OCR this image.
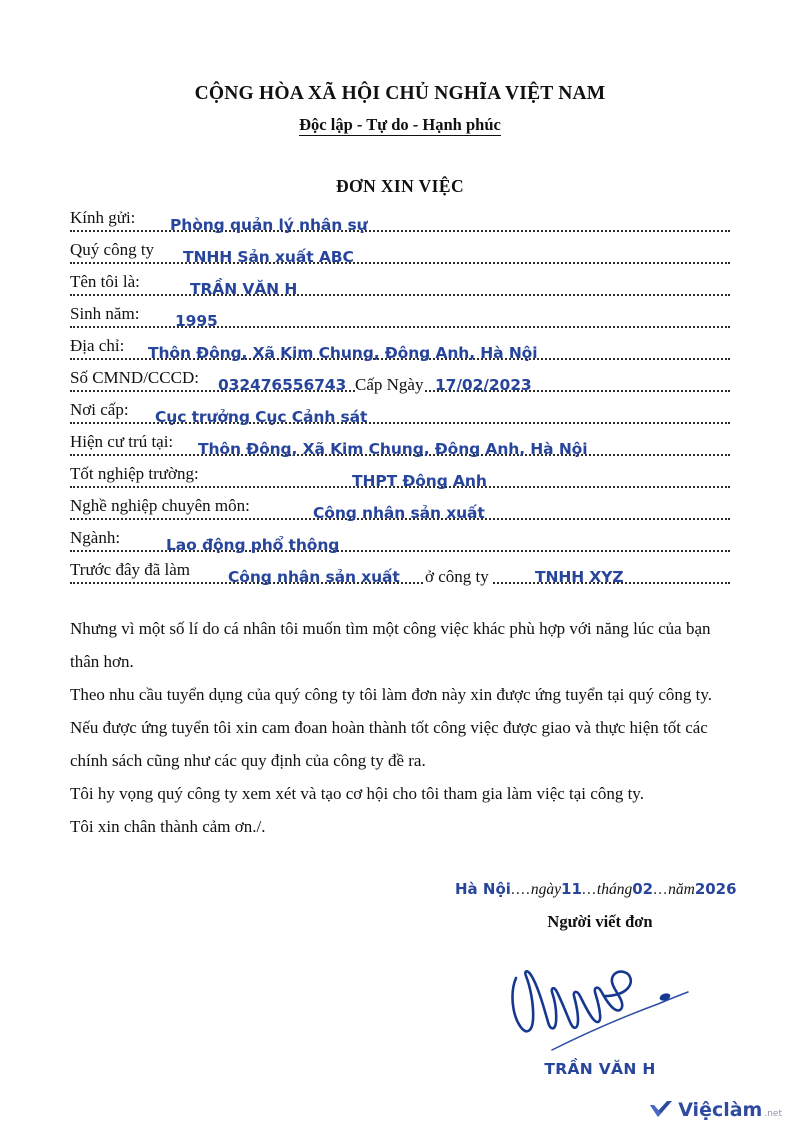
CỘNG HÒA XÃ HỘI CHỦ NGHĨA VIỆT NAM
Độc lập - Tự do - Hạnh phúc
ĐƠN XIN VIỆC
Kính gửi: Phòng quản lý nhân sự
Quý công ty TNHH Sản xuất ABC
Tên tôi là:	TRẦN VĂN H
Sinh năm: 1995
Địa chỉ: Thôn Đông, Xã Kim Chung, Đông Anh, Hà Nội
Số CMND/CCCD: 032476556743 Cấp Ngày 17/02/2023
Nơi cấp: Cục trưởng Cục Cảnh sát
Hiện cư trú tại: Thôn Đông, Xã Kim Chung, Đông Anh, Hà Nội
Tốt nghiệp trường:	THPT Đông Anh
Nghề nghiệp chuyên môn:	Công nhân sản xuất
Ngành:	Lao động phổ thông
Trước đây đã làm Công nhân sản xuất ở công ty	TNHH XYZ

Nhưng vì một số lí do cá nhân tôi muốn tìm một công việc khác phù hợp với năng lúc của bạn thân hơn.

Theo nhu cầu tuyển dụng của quý công ty tôi làm đơn này xin được ứng tuyển tại quý công ty. Nếu được ứng tuyển tôi xin cam đoan hoàn thành tốt công việc được giao và thực hiện tốt các chính sách cũng như các quy định của công ty đề ra.

Tôi hy vọng quý công ty xem xét và tạo cơ hội cho tôi tham gia làm việc tại công ty.

Tôi xin chân thành cảm ơn./.

Hà Nội....ngày11...tháng02...năm2026
Người viết đơn
TRẦN VĂN H
Việclàm .net
